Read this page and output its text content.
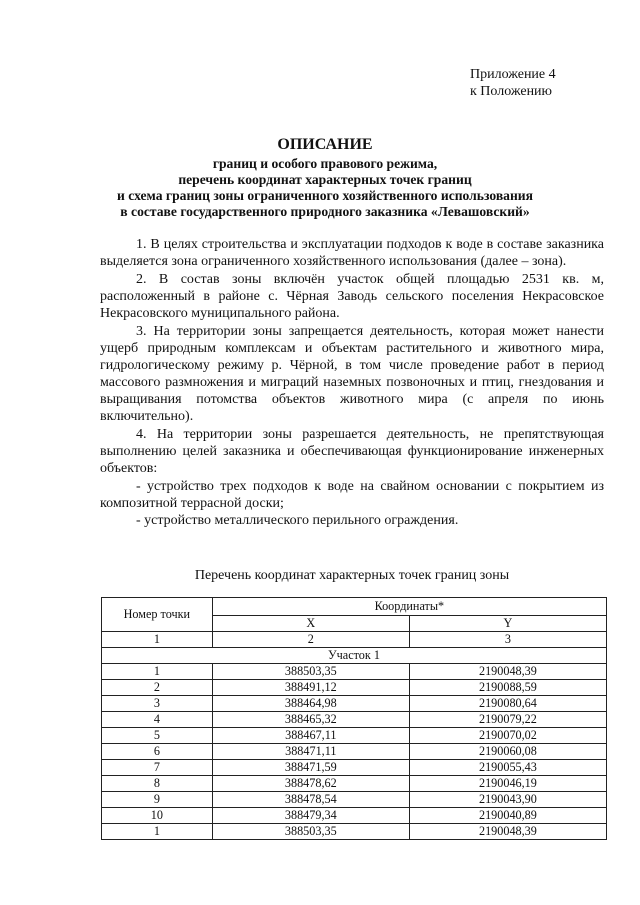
Приложение 4
к Положению
ОПИСАНИЕ
границ и особого правового режима,
перечень координат характерных точек границ
и схема границ зоны ограниченного хозяйственного использования
в составе государственного природного заказника «Левашовский»

1. В целях строительства и эксплуатации подходов к воде в составе заказника выделяется зона ограниченного хозяйственного использования (далее – зона).

2. В состав зоны включён участок общей площадью 2531 кв. м, расположенный в районе с. Чёрная Заводь сельского поселения Некрасовское Некрасовского муниципального района.

3. На территории зоны запрещается деятельность, которая может нанести ущерб природным комплексам и объектам растительного и животного мира, гидрологическому режиму р. Чёрной, в том числе проведение работ в период массового размножения и миграций наземных позвоночных и птиц, гнездования и выращивания потомства объектов животного мира (с апреля по июнь включительно).

4. На территории зоны разрешается деятельность, не препятствующая выполнению целей заказника и обеспечивающая функционирование инженерных объектов:

- устройство трех подходов к воде на свайном основании с покрытием из композитной террасной доски;

- устройство металлического перильного ограждения.

Перечень координат характерных точек границ зоны
Номер точки	Координаты*	
	X	Y
1	2	3
Участок 1		
1	388503,35	2190048,39
2	388491,12	2190088,59
3	388464,98	2190080,64
4	388465,32	2190079,22
5	388467,11	2190070,02
6	388471,11	2190060,08
7	388471,59	2190055,43
8	388478,62	2190046,19
9	388478,54	2190043,90
10	388479,34	2190040,89
1	388503,35	2190048,39
